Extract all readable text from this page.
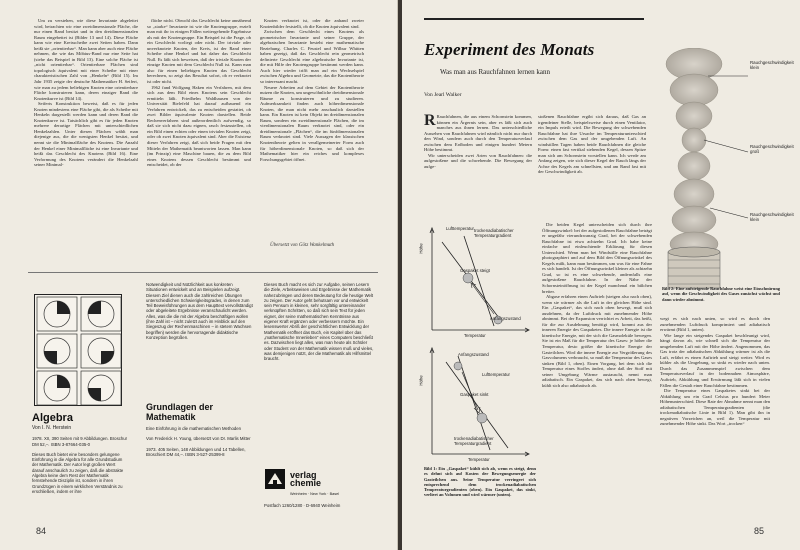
Um zu verstehen, wie diese Invariante abgeleitet wird, betrachten wir eine zweidimensionale Fläche, die nur einen Rand besitzt und in den dreidimensionalen Raum eingebettet ist (Bilder 13 und 14). Diese Fläche kann wie eine Kreisscheibe zwei Seiten haben. Dann heißt sie „orientierbar“. Man kann aber auch eine Fläche nehmen, die wie das Möbius-Band nur eine Seite hat (siehe das Beispiel in Bild 13). Eine solche Fläche ist „nicht orientierbar“. Orientierbare Flächen sind topologisch äquivalent mit einer Scheibe mit einer charakteristischen Zahl von „Henkeln“ (Bild 15). Im Jahr 1935 zeigte der deutsche Mathematiker H. Seifert, wie man zu jedem beliebigen Knoten eine orientierbare Fläche konstruieren kann, deren einziger Rand die Knotenkurve ist (Bild 14).

Seiferts Konstruktion beweist, daß es für jeden Knoten mindestens eine Fläche gibt, die als Scheibe mit Henkeln dargestellt werden kann und deren Rand die Knotenkurve ist. Tatsächlich gibt es für jeden Knoten mehrere derartige Flächen mit unterschiedlichen Henkelzahlen. Unter diesen Flächen wählt man diejenige aus, die die wenigsten Henkel besitzt, und nennt sie die Minimalfläche des Knotens. Die Anzahl der Henkel einer Minimalfläche ist eine Invariante und heißt das Geschlecht des Knotens (Bild 16). Eine Verformung des Knotens verändert die Henkelzahl seiner Minimal-

fläche nicht. Obwohl das Geschlecht keine annähernd so „starke“ Invariante ist wie die Knotengruppe, erzielt man mit ihr in einigen Fällen weitergehende Ergebnisse als mit der Knotengruppe. Ein Beispiel ist die Frage, ob ein Geschlecht vorliegt oder nicht. Der triviale oder unverknotete Knoten, der Kreis, ist der Rand einer Scheibe ohne Henkel und hat daher das Geschlecht Null. Es läßt sich beweisen, daß der triviale Knoten der einzige Knoten mit dem Geschlecht Null ist. Kann man also für einen beliebigen Knoten das Geschlecht berechnen, so zeigt das Resultat sofort, ob er verknotet ist oder nicht.

1962 fand Wolfgang Haken ein Verfahren, mit dem sich aus dem Bild eines Knotens sein Geschlecht ermitteln läßt. Friedhelm Waldhausen von der Universität Bielefeld hat darauf aufbauend ein Verfahren entwickelt, das zu entscheiden gestattet, ob zwei Bilder äquivalente Knoten darstellen. Beide Rechenverfahren sind außerordentlich aufwendig, so daß sie sich nicht dazu eignen, rasch festzustellen, ob ein Bild einen echten oder einen trivialen Knoten zeigt, oder ob zwei Knoten äquivalent sind. Aber die Existenz dieser Verfahren zeigt, daß sich beide Fragen mit den Mitteln der Mathematik beantworten lassen. Man kann (im Prinzip) eine Maschine bauen, die zu dem Bild eines Knotens dessen Geschlecht bestimmt und entscheidet, ob der

Knoten verknotet ist, oder die anhand zweier Knotenbilder feststellt, ob die Knoten äquivalent sind.

Zwischen dem Geschlecht eines Knotens als geometrischer Invariante und seiner Gruppe, der algebraischen Invariante besteht eine mathematische Beziehung. Charles C. Feustel und Wilbur Whitten haben gezeigt, daß das Geschlecht rein geometrisch definierte Geschlecht eine algebraische Invariante ist, die mit Hilfe der Knotengruppe bestimmt werden kann. Auch hier wieder trifft man auf ein Wechselspiel zwischen Algebra und Geometrie, das die Knotentheorie so interessant macht.

Neuere Arbeiten auf dem Gebiet der Knotentheorie nutzen die Knoten, um ungewöhnliche dreidimensionale Räume zu konstruieren und zu studieren. Aufmerksamkeit finden auch höherdimensionale Knoten, die man nicht mehr anschaulich darstellen kann. Ein Knoten ist kein Objekt im dreidimensionalen Raum, sondern ein zweidimensionale Flächen, die im vierdimensionalen Raum verknotet sind, oder ein dreidimensionale „Flächen“, die im fünfdimensionalen Raum verknotet sind. Viele Aussagen der klassischen Knotentheorie gelten in verallgemeinerter Form auch für höherdimensionale Knoten, so daß sich der Mathematiker hier ein reiches und komplexes Forschungsgebiet öffnet.

Übersetzt von Götz Wankelmuth
Algebra
Von I. N. Herstein
1978. XII, 390 Seiten mit 9 Abbildungen. Broschur DM 52,–. ISBN 3-87664-035-0
Dieses Buch bietet eine besonders gelungene Einführung in die Algebra für alle Grundstudium der Mathematik. Der Autor legt großen Wert darauf anschaulich zu zeigen, daß die abstrakte Algebra keine dem Rest der Mathematik fernstehende Disziplin ist, sondern in ihren Grundzügen in einem wirklichen Verständnis zu erschließen, indem er ihre
Notwendigkeit und Nützlichkeit aus konkreten Situationen entwickelt und an Beispielen aufzeigt. Diesem Ziel dienen auch die zahlreichen Übungen unterschiedlichen Schwierigkeitsgrades, in denen zum Teil Beweisführungen aus dem Haupttext vervollständigt oder abgeleitete Ergebnisse veranschaulicht werden. Alles, was die die mit der Algebra beschäftigen wollen (ihre Zahl ist – nicht zuletzt auch im Hinblick auf den Siegeszug der Rechenmaschinen – in stetem Wachsen begriffen) werden die hervorragende didaktische Konzeption begrüßen.
Grundlagen der Mathematik
Eine Einführung in die mathematischen Methoden
Von Frederick H. Young, übersetzt von Dr. Marlis Mitter
1973. 405 Seiten, 148 Abbildungen und 14 Tabellen, Broschiert DM 44,–. ISBN 3-527-25399-8
Dieses Buch macht es sich zur Aufgabe, seinen Lesern die Ziele, Arbeitsweisen und Ergebnisse der Mathematik nahezubringen und deren Bedeutung für die heutige Welt zu zeigen. Der Autor geht behutsam vor und entwickelt sein Pensum in kleinen, sehr sorgfältig untereinander verknüpften Schritten, so daß sich sein Text für jeden eignet, der seine mathematischen Kenntnisse aus eigener Kraft ergänzen oder verbessern möchte. Ein lesenswerter Abriß der geschichtlichen Entwicklung der Mathematik eröffnet das Buch, ein Kapitel über das „mathematische Innenleben“ eines Computers beschließt es. Dazwischen liegt alles, was man heute als Schüler oder Student von der Mathematik wissen muß und vieles, was demjenigen nützt, der die Mathematik als Hilfsmittel braucht.
verlag chemie
Weinheim · New York · Basel
Postfach 1260/1280 · D-6940 Weinheim
84
Experiment des Monats
Was man aus Rauchfahnen lernen kann
Von Jearl Walker

R Rauchfahnen, die aus einem Schornstein kommen, können ein Ärgernis sein, aber es läßt sich auch manches aus ihnen lernen. Das unterschiedliche Aussehen von Rauchfahnen wird nämlich nicht nur durch den Wind, sondern auch durch den Temperaturverlauf zwischen dem Erdboden und einigen hundert Metern Höhe bestimmt.

Wir unterscheiden zwei Arten von Rauchfahnen: die aufgestoßene und die schwebende. Die Bewegung der aufge-

stoßenen Rauchfahne ergibt sich daraus, daß Gas an irgendeiner Stelle, beispielsweise durch einen Ventilator, ein Impuls erteilt wird. Die Bewegung der schwebenden Rauchfahne hat ihre Ursache im Temperaturunterschied zwischen dem Gas und der umgebenden Luft. An windstillen Tagen haben beide Rauchfahnen die gleiche Form: einen fast vertikal stehenden Kegel, dessen Spitze man sich am Schornstein vorstellen kann. Ich werde am Anfang zeigen, wie sich dieser Kegel der Rauch längs der Achse des Kegels am schnellsten, und am Rand fast mit der Geschwindigkeit ab.

Lufttemperatur trockenadiabatischer Temperaturgradient
Gaspaket steigt
Anfangszustand
Temperatur
Höhe
Anfangszustand
Lufttemperatur
Gaspaket sinkt
trockenadiabatischer Temperaturgradient
Temperatur
Höhe
Bild 1: Ein „Gaspaket“ kühlt sich ab, wenn es steigt, denn es dehnt sich auf Kosten der Bewegungsenergie der Gasteilchen aus. Seine Temperatur verringert sich entsprechend dem trockenadiabatischen Temperaturgradienten (oben). Ein Gaspaket, das sinkt, verliert an Volumen und wird wärmer (unten).

Die beiden Kegel unterscheiden sich durch ihre Öffnungswinkel: bei der aufgestoßenen Rauchfahne beträgt er ungefähr vierundzwanzig Grad, bei der schwebenden Rauchfahne ist etwa achtzehn Grad. Ich habe keine einfache und einleuchtende Erklärung für diesen Unterschied. Wenn man bei Windstille eine Rauchfahne photographiert und auf dem Bild den Öffnungswinkel des Kegels mißt, kann man bestimmen, um was für eine Fahne es sich handelt. Ist der Öffnungswinkel kleiner als achtzehn Grad, so ist es eine schwebende, andernfalls eine aufgestoßene Rauchfahne. In der Nähe der Schornsteinöffnung ist der Kegel manchmal ein bißchen breiter.

Abgase erfahren einen Auftrieb (steigen also nach oben), wenn sie wärmer als die Luft in der gleichen Höhe sind. Ein „Gaspaket“, das sich nach oben bewegt, muß sich ausdehnen, da der Luftdruck mit zunehmender Höhe abnimmt. Bei der Expansion verrichtet es Arbeit, das heißt, für die zur Ausdehnung benötigt wird, kommt aus der inneren Energie des Gaspaketes. Die innere Energie ist die kinetische Energie, mit der sich die Gasmoleküle bewegen. Sie ist ein Maß für die Temperatur des Gases: je höher die Temperatur, desto größer die kinetische Energie der Gasteilchen. Wird die innere Energie zur Vergrößerung des Gasvolumens verbraucht, so muß die Temperatur des Gases sinken (Bild 1, oben). Einen Vorgang, bei dem sich die Temperatur eines Stoffes ändert, ohne daß der Stoff mit seiner Umgebung Wärme austauscht, nennt man adiabatisch. Ein Gaspaket, das sich nach oben bewegt, kühlt sich also adiabatisch ab.

Rauchgeschwindigkeit klein
Rauchgeschwindigkeit groß
Rauchgeschwindigkeit klein
Bild 2: Eine aufsteigende Rauchfahne weist eine Einschnürung auf, wenn die Geschwindigkeit des Gases zunächst wächst und dann wieder abnimmt.

wegt es sich nach unten, so wird es durch den zunehmenden Luftdruck komprimiert und adiabatisch erwärmt (Bild 1, unten).

Wie lange ein steigendes Gaspaket beschleunigt wird, hängt davon ab, wie schnell sich die Temperatur der umgebenden Luft mit der Höhe ändert. Angenommen, das Gas trotz der adiabatischen Abkühlung wärmer ist als die Luft, erfährt es einen Auftrieb und steigt weiter. Wird es kühler als die Umgebung, so sinkt es wieder nach unten. Durch das Zusammenspiel zwischen dem Temperaturverlauf in der bodennahen Atmosphäre, Auftrieb, Abkühlung und Erwärmung läßt sich in vielen Fällen die Gestalt einer Rauchfahne bestimmen.

Die Temperatur eines Gaspaketes sinkt bei der Abkühlung um ein Grad Celsius pro hundert Meter Höhenunterschied. Diese Rate der Abnahme nennt man den adiabatischen Temperaturgradienten (die trockenadiabatische Linie in Bild 1). Man gibt ihn in negativen Vorzeichen an, weil die Temperatur mit zunehmender Höhe sinkt. Das Wort „trocken“

85
